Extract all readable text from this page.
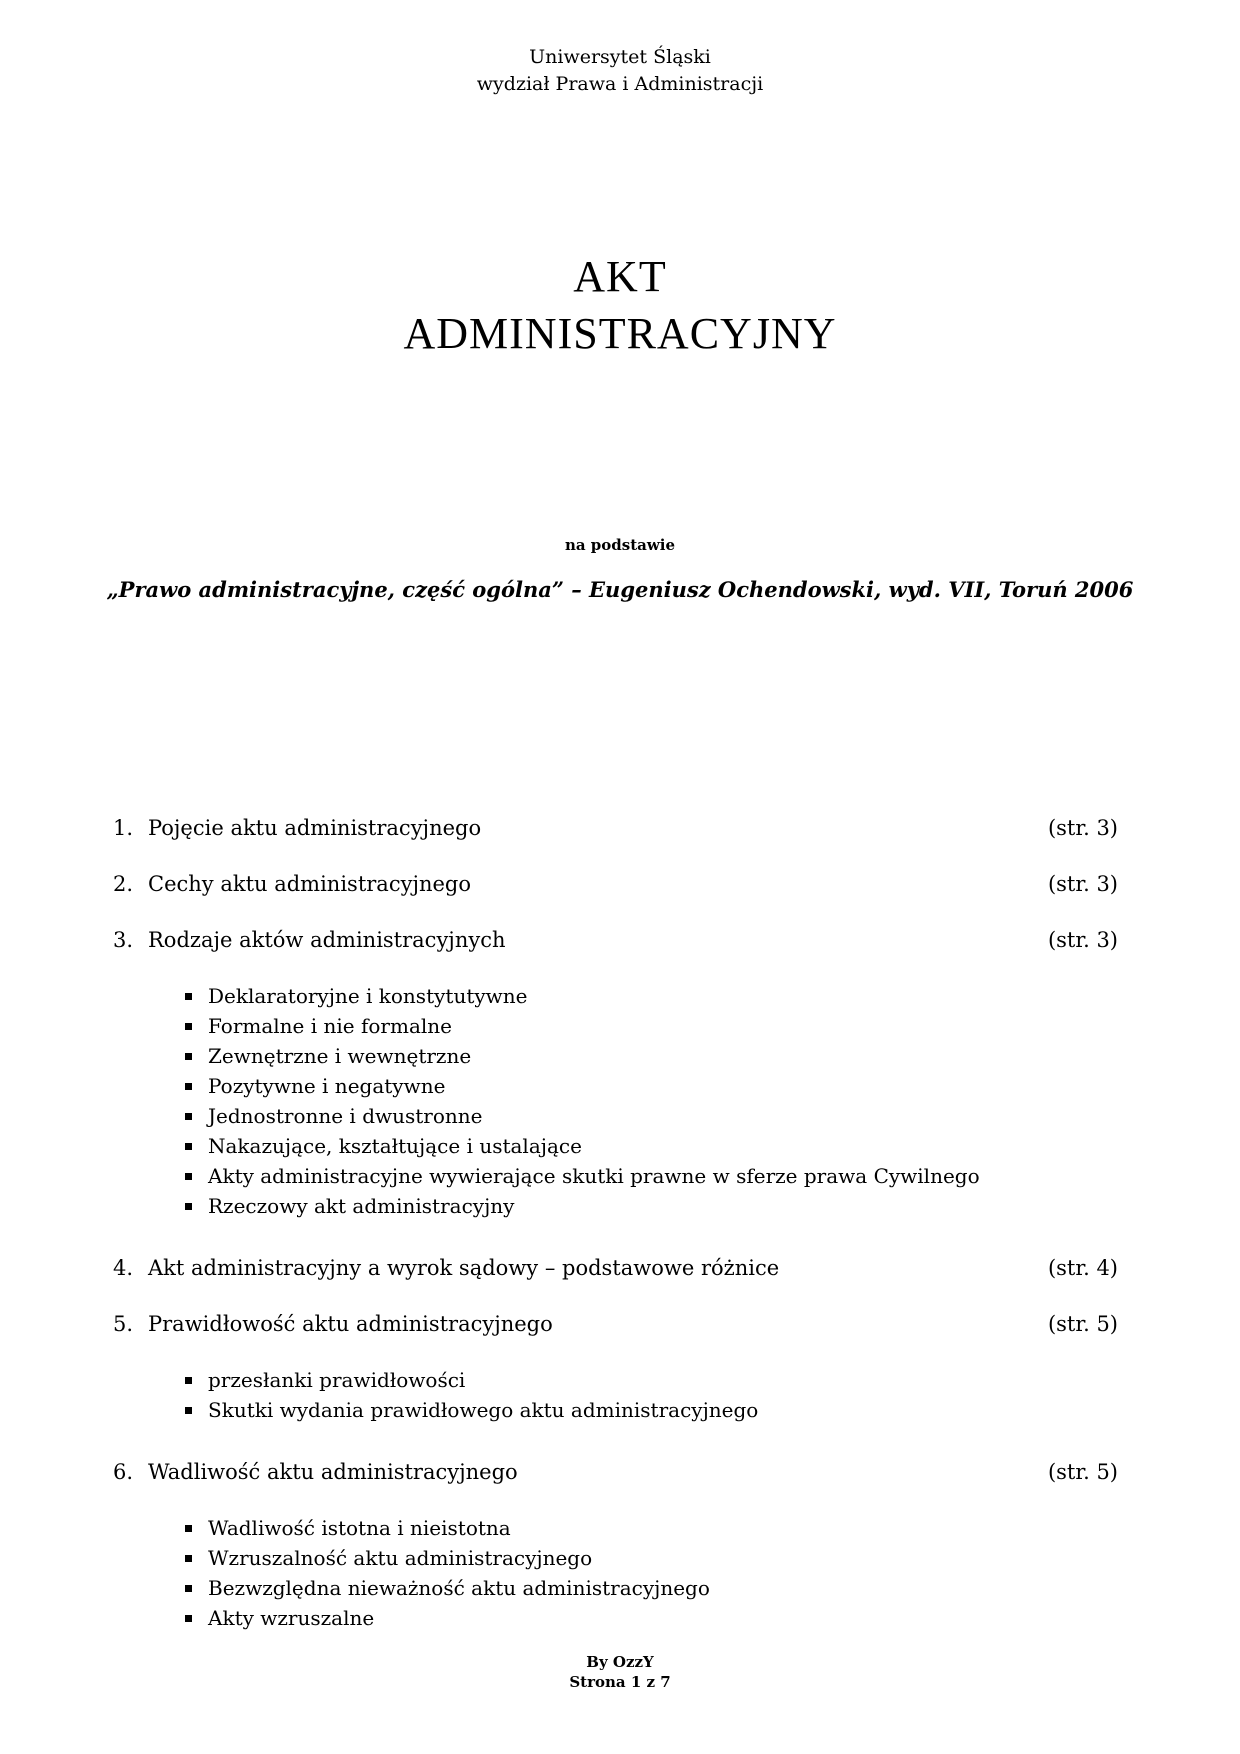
Uniwersytet Śląski
wydział Prawa i Administracji
AKT
ADMINISTRACYJNY
na podstawie
„Prawo administracyjne, część ogólna” – Eugeniusz Ochendowski, wyd. VII, Toruń 2006
1. Pojęcie aktu administracyjnego	(str. 3)
2. Cechy aktu administracyjnego	(str. 3)
3. Rodzaje aktów administracyjnych	(str. 3)
Deklaratoryjne i konstytutywne
Formalne i nie formalne
Zewnętrzne i wewnętrzne
Pozytywne i negatywne
Jednostronne i dwustronne
Nakazujące, kształtujące i ustalające
Akty administracyjne wywierające skutki prawne w sferze prawa Cywilnego
Rzeczowy akt administracyjny
4. Akt administracyjny a wyrok sądowy – podstawowe różnice	(str. 4)
5. Prawidłowość aktu administracyjnego	(str. 5)
przesłanki prawidłowości
Skutki wydania prawidłowego aktu administracyjnego
6. Wadliwość aktu administracyjnego	(str. 5)
Wadliwość istotna i nieistotna
Wzruszalność aktu administracyjnego
Bezwzględna nieważność aktu administracyjnego
Akty wzruszalne
By OzzY
Strona 1 z 7
